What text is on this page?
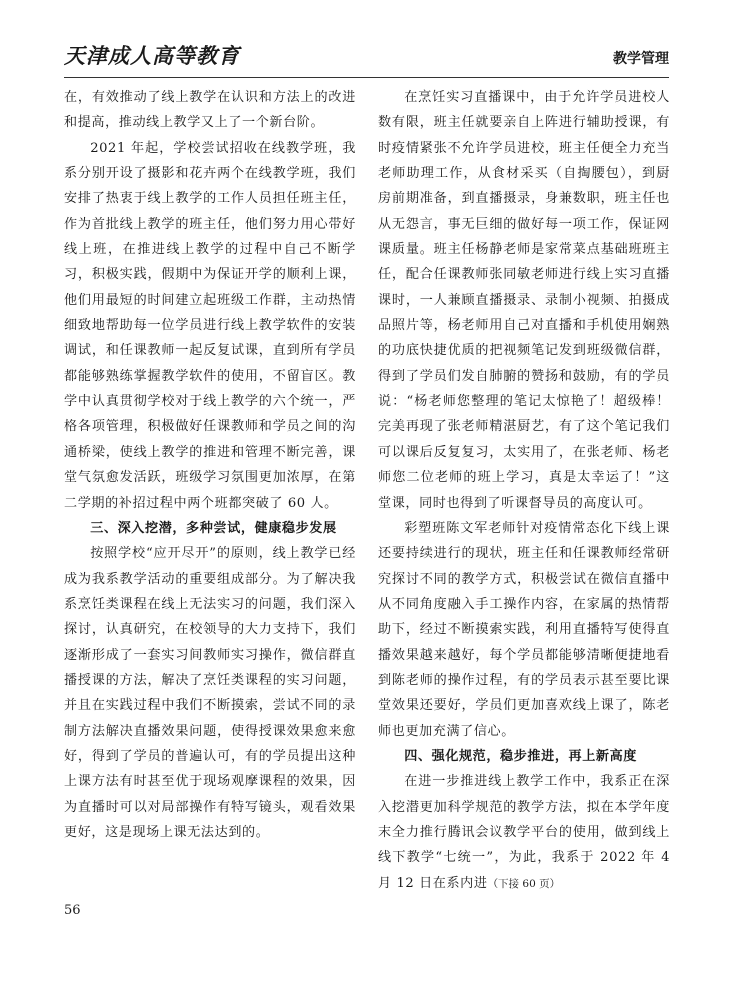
天津成人高等教育	教学管理

在，有效推动了线上教学在认识和方法上的改进和提高，推动线上教学又上了一个新台阶。

2021 年起，学校尝试招收在线教学班，我系分别开设了摄影和花卉两个在线教学班，我们安排了热衷于线上教学的工作人员担任班主任，作为首批线上教学的班主任，他们努力用心带好线上班，在推进线上教学的过程中自己不断学习，积极实践，假期中为保证开学的顺利上课，他们用最短的时间建立起班级工作群，主动热情细致地帮助每一位学员进行线上教学软件的安装调试，和任课教师一起反复试课，直到所有学员都能够熟练掌握教学软件的使用，不留盲区。教学中认真贯彻学校对于线上教学的六个统一，严格各项管理，积极做好任课教师和学员之间的沟通桥梁，使线上教学的推进和管理不断完善，课堂气氛愈发活跃，班级学习氛围更加浓厚，在第二学期的补招过程中两个班都突破了 60 人。

三、深入挖潜，多种尝试，健康稳步发展

按照学校“应开尽开”的原则，线上教学已经成为我系教学活动的重要组成部分。为了解决我系烹饪类课程在线上无法实习的问题，我们深入探讨，认真研究，在校领导的大力支持下，我们逐渐形成了一套实习间教师实习操作，微信群直播授课的方法，解决了烹饪类课程的实习问题，并且在实践过程中我们不断摸索，尝试不同的录制方法解决直播效果问题，使得授课效果愈来愈好，得到了学员的普遍认可，有的学员提出这种上课方法有时甚至优于现场观摩课程的效果，因为直播时可以对局部操作有特写镜头，观看效果更好，这是现场上课无法达到的。

在烹饪实习直播课中，由于允许学员进校人数有限，班主任就要亲自上阵进行辅助授课，有时疫情紧张不允许学员进校，班主任便全力充当老师助理工作，从食材采买（自掏腰包），到厨房前期准备，到直播摄录，身兼数职，班主任也从无怨言，事无巨细的做好每一项工作，保证网课质量。班主任杨静老师是家常菜点基础班班主任，配合任课教师张同敏老师进行线上实习直播课时，一人兼顾直播摄录、录制小视频、拍摄成品照片等，杨老师用自己对直播和手机使用娴熟的功底快捷优质的把视频笔记发到班级微信群，得到了学员们发自肺腑的赞扬和鼓励，有的学员说：“杨老师您整理的笔记太惊艳了！超级棒！完美再现了张老师精湛厨艺，有了这个笔记我们可以课后反复复习，太实用了，在张老师、杨老师您二位老师的班上学习，真是太幸运了！”这堂课，同时也得到了听课督导员的高度认可。

彩塑班陈文军老师针对疫情常态化下线上课还要持续进行的现状，班主任和任课教师经常研究探讨不同的教学方式，积极尝试在微信直播中从不同角度融入手工操作内容，在家属的热情帮助下，经过不断摸索实践，利用直播特写使得直播效果越来越好，每个学员都能够清晰便捷地看到陈老师的操作过程，有的学员表示甚至要比课堂效果还要好，学员们更加喜欢线上课了，陈老师也更加充满了信心。

四、强化规范，稳步推进，再上新高度

在进一步推进线上教学工作中，我系正在深入挖潜更加科学规范的教学方法，拟在本学年度末全力推行腾讯会议教学平台的使用，做到线上线下教学“七统一”，为此，我系于 2022 年 4 月 12 日在系内进（下接 60 页）

56
